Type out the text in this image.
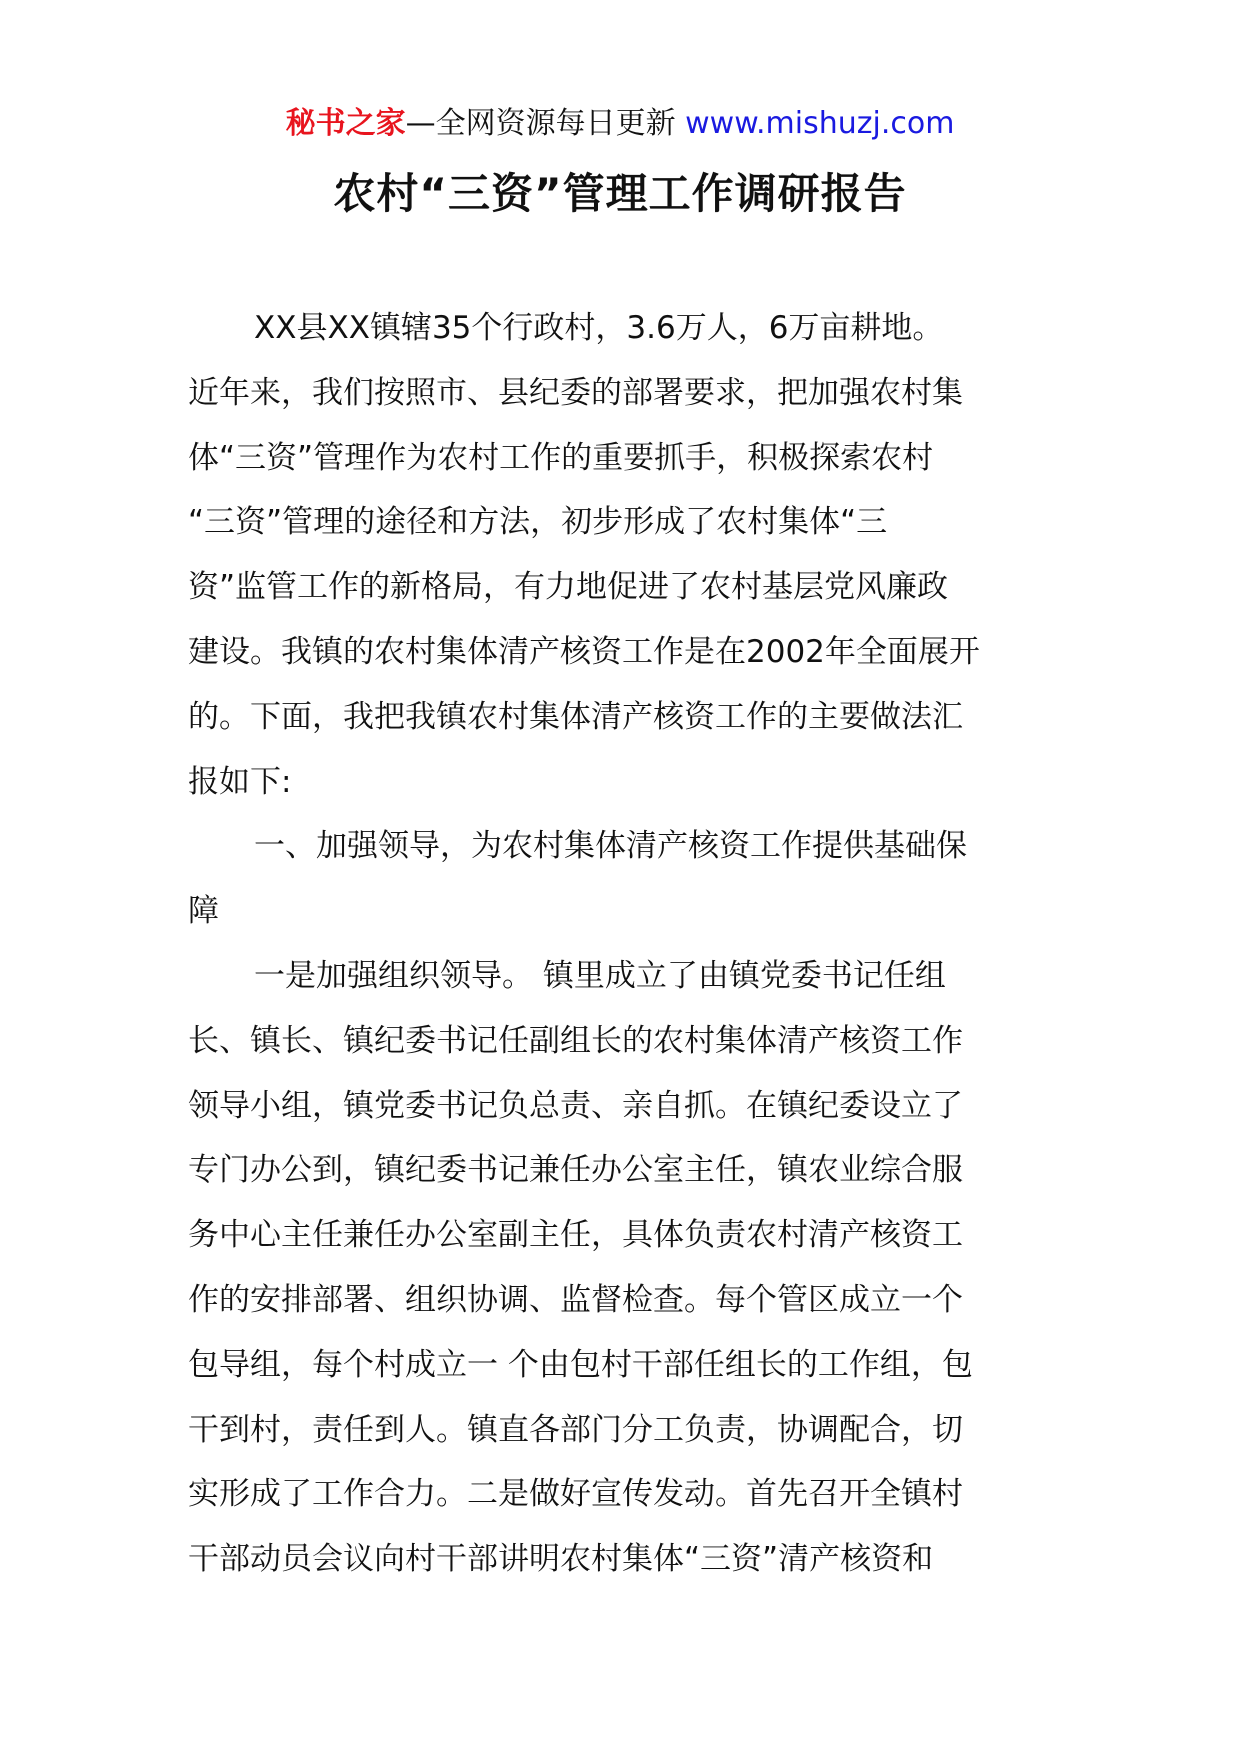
秘书之家—全网资源每日更新 www.mishuzj.com
农村“三资”管理工作调研报告
XX县XX镇辖35个行政村，3.6万人，6万亩耕地。
近年来，我们按照市、县纪委的部署要求，把加强农村集
体“三资”管理作为农村工作的重要抓手，积极探索农村
“三资”管理的途径和方法，初步形成了农村集体“三
资”监管工作的新格局，有力地促进了农村基层党风廉政
建设。我镇的农村集体清产核资工作是在2002年全面展开
的。下面，我把我镇农村集体清产核资工作的主要做法汇
报如下:
一、加强领导，为农村集体清产核资工作提供基础保
障
一是加强组织领导。 镇里成立了由镇党委书记任组
长、镇长、镇纪委书记任副组长的农村集体清产核资工作
领导小组，镇党委书记负总责、亲自抓。在镇纪委设立了
专门办公到，镇纪委书记兼任办公室主任，镇农业综合服
务中心主任兼任办公室副主任，具体负责农村清产核资工
作的安排部署、组织协调、监督检查。每个管区成立一个
包导组，每个村成立一 个由包村干部任组长的工作组，包
干到村，责任到人。镇直各部门分工负责，协调配合，切
实形成了工作合力。二是做好宣传发动。首先召开全镇村
干部动员会议向村干部讲明农村集体“三资”清产核资和
